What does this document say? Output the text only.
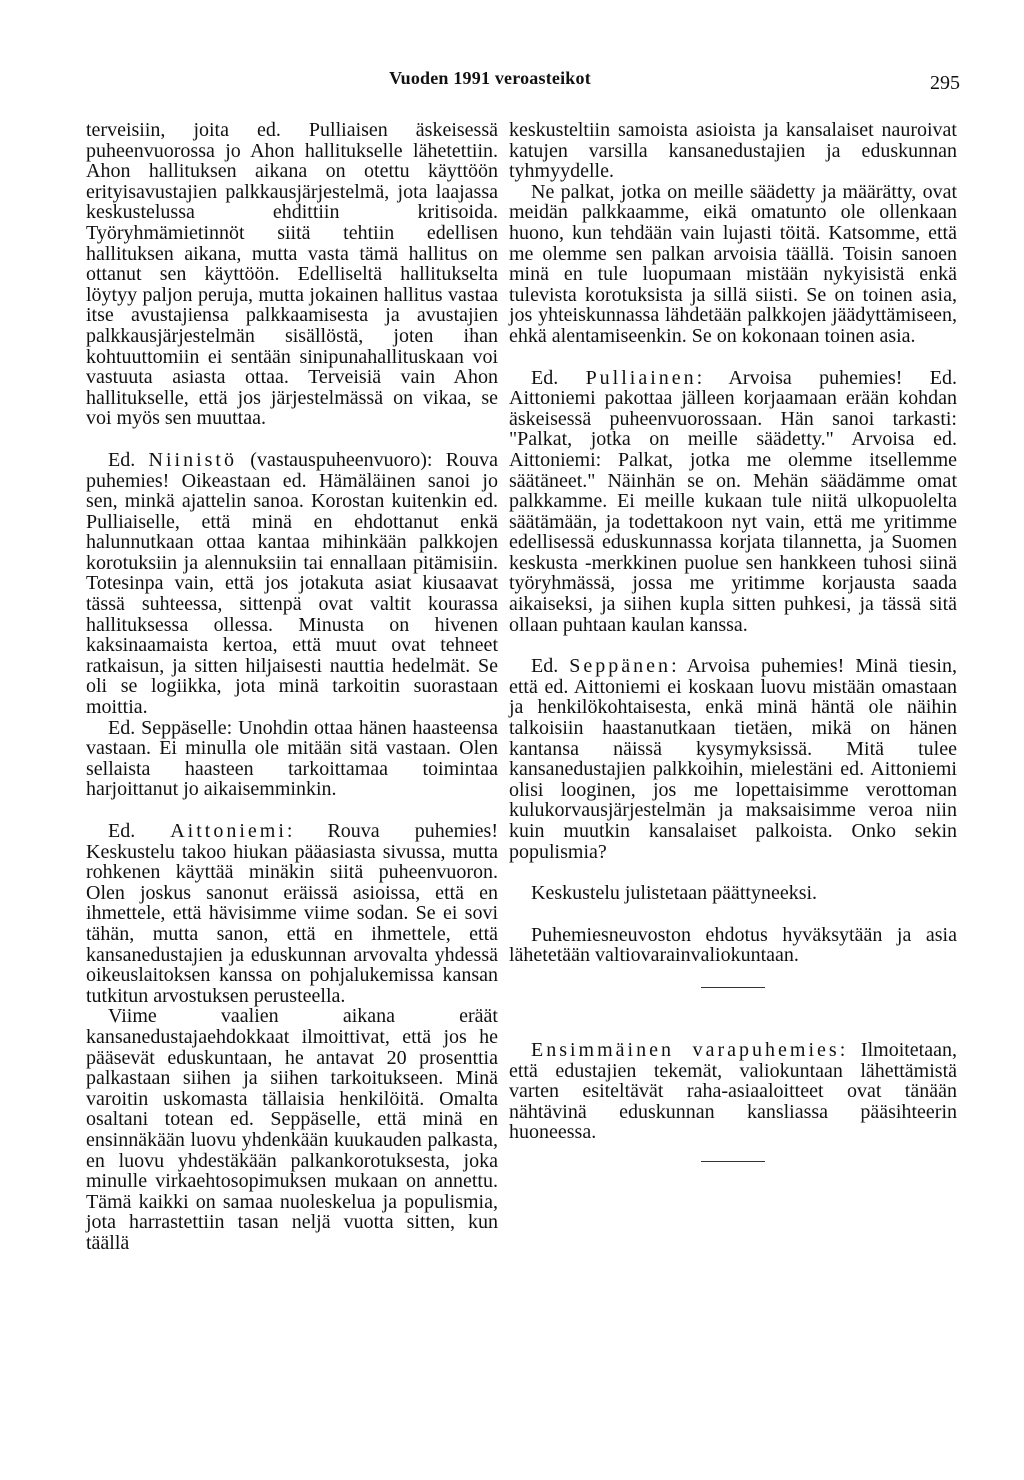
Vuoden 1991 veroasteikot	295

terveisiin, joita ed. Pulliaisen äskeisessä puheenvuorossa jo Ahon hallitukselle lähetettiin. Ahon hallituksen aikana on otettu käyttöön erityisavustajien palkkausjärjestelmä, jota laajassa keskustelussa ehdittiin kritisoida. Työryhmämietinnöt siitä tehtiin edellisen hallituksen aikana, mutta vasta tämä hallitus on ottanut sen käyttöön. Edelliseltä hallitukselta löytyy paljon peruja, mutta jokainen hallitus vastaa itse avustajiensa palkkaamisesta ja avustajien palkkausjärjestelmän sisällöstä, joten ihan kohtuuttomiin ei sentään sinipunahallituskaan voi vastuuta asiasta ottaa. Terveisiä vain Ahon hallitukselle, että jos järjestelmässä on vikaa, se voi myös sen muuttaa.

Ed. Niinistö (vastauspuheenvuoro): Rouva puhemies! Oikeastaan ed. Hämäläinen sanoi jo sen, minkä ajattelin sanoa. Korostan kuitenkin ed. Pulliaiselle, että minä en ehdottanut enkä halunnutkaan ottaa kantaa mihinkään palkkojen korotuksiin ja alennuksiin tai ennallaan pitämisiin. Totesinpa vain, että jos jotakuta asiat kiusaavat tässä suhteessa, sittenpä ovat valtit kourassa hallituksessa ollessa. Minusta on hivenen kaksinaamaista kertoa, että muut ovat tehneet ratkaisun, ja sitten hiljaisesti nauttia hedelmät. Se oli se logiikka, jota minä tarkoitin suorastaan moittia.

Ed. Seppäselle: Unohdin ottaa hänen haasteensa vastaan. Ei minulla ole mitään sitä vastaan. Olen sellaista haasteen tarkoittamaa toimintaa harjoittanut jo aikaisemminkin.

Ed. Aittoniemi: Rouva puhemies! Keskustelu takoo hiukan pääasiasta sivussa, mutta rohkenen käyttää minäkin siitä puheenvuoron. Olen joskus sanonut eräissä asioissa, että en ihmettele, että hävisimme viime sodan. Se ei sovi tähän, mutta sanon, että en ihmettele, että kansanedustajien ja eduskunnan arvovalta yhdessä oikeuslaitoksen kanssa on pohjalukemissa kansan tutkitun arvostuksen perusteella.

Viime vaalien aikana eräät kansanedustajaehdokkaat ilmoittivat, että jos he pääsevät eduskuntaan, he antavat 20 prosenttia palkastaan siihen ja siihen tarkoitukseen. Minä varoitin uskomasta tällaisia henkilöitä. Omalta osaltani totean ed. Seppäselle, että minä en ensinnäkään luovu yhdenkään kuukauden palkasta, en luovu yhdestäkään palkankorotuksesta, joka minulle virkaehtosopimuksen mukaan on annettu. Tämä kaikki on samaa nuoleskelua ja populismia, jota harrastettiin tasan neljä vuotta sitten, kun täällä

keskusteltiin samoista asioista ja kansalaiset nauroivat katujen varsilla kansanedustajien ja eduskunnan tyhmyydelle.

Ne palkat, jotka on meille säädetty ja määrätty, ovat meidän palkkaamme, eikä omatunto ole ollenkaan huono, kun tehdään vain lujasti töitä. Katsomme, että me olemme sen palkan arvoisia täällä. Toisin sanoen minä en tule luopumaan mistään nykyisistä enkä tulevista korotuksista ja sillä siisti. Se on toinen asia, jos yhteiskunnassa lähdetään palkkojen jäädyttämiseen, ehkä alentamiseenkin. Se on kokonaan toinen asia.

Ed. Pulliainen: Arvoisa puhemies! Ed. Aittoniemi pakottaa jälleen korjaamaan erään kohdan äskeisessä puheenvuorossaan. Hän sanoi tarkasti: "Palkat, jotka on meille säädetty." Arvoisa ed. Aittoniemi: Palkat, jotka me olemme itsellemme säätäneet." Näinhän se on. Mehän säädämme omat palkkamme. Ei meille kukaan tule niitä ulkopuolelta säätämään, ja todettakoon nyt vain, että me yritimme edellisessä eduskunnassa korjata tilannetta, ja Suomen keskusta -merkkinen puolue sen hankkeen tuhosi siinä työryhmässä, jossa me yritimme korjausta saada aikaiseksi, ja siihen kupla sitten puhkesi, ja tässä sitä ollaan puhtaan kaulan kanssa.

Ed. Seppänen: Arvoisa puhemies! Minä tiesin, että ed. Aittoniemi ei koskaan luovu mistään omastaan ja henkilökohtaisesta, enkä minä häntä ole näihin talkoisiin haastanutkaan tietäen, mikä on hänen kantansa näissä kysymyksissä. Mitä tulee kansanedustajien palkkoihin, mielestäni ed. Aittoniemi olisi looginen, jos me lopettaisimme verottoman kulukorvausjärjestelmän ja maksaisimme veroa niin kuin muutkin kansalaiset palkoista. Onko sekin populismia?

Keskustelu julistetaan päättyneeksi.

Puhemiesneuvoston ehdotus hyväksytään ja asia lähetetään valtiovarainvaliokuntaan.

Ensimmäinen varapuhemies: Ilmoitetaan, että edustajien tekemät, valiokuntaan lähettämistä varten esiteltävät raha-asiaaloitteet ovat tänään nähtävinä eduskunnan kansliassa pääsihteerin huoneessa.
